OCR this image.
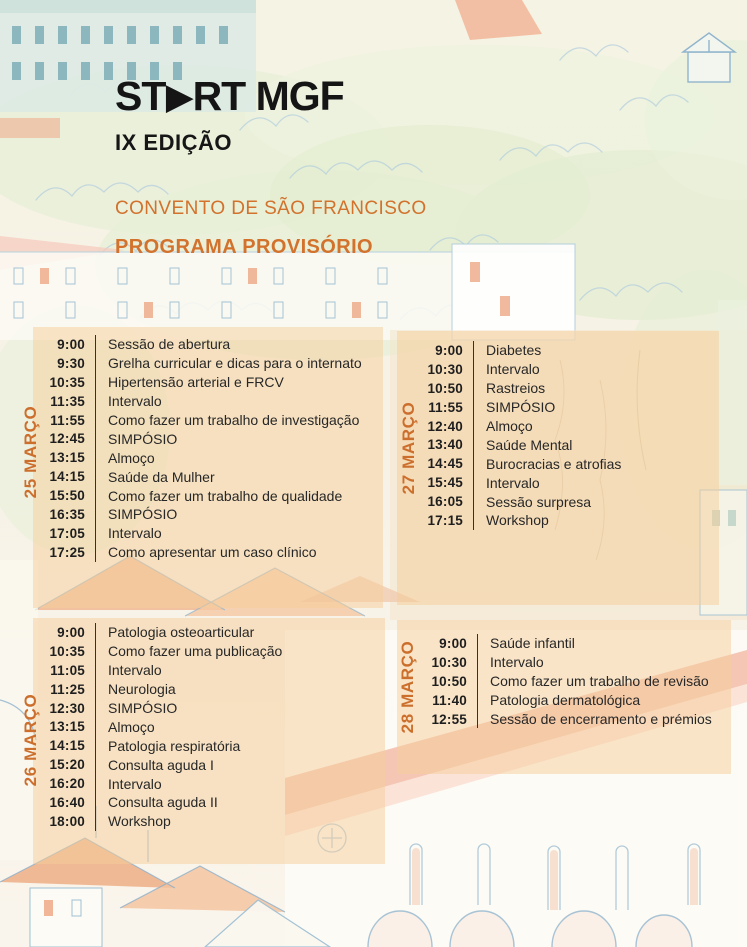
ST▶RT MGF
IX EDIÇÃO
CONVENTO DE SÃO FRANCISCO
PROGRAMA PROVISÓRIO
9:00	Sessão de abertura
9:30	Grelha curricular e dicas para o internato
10:35	Hipertensão arterial e FRCV
11:35	Intervalo
11:55	Como fazer um trabalho de investigação
12:45	SIMPÓSIO
13:15	Almoço
14:15	Saúde da Mulher
15:50	Como fazer um trabalho de qualidade
16:35	SIMPÓSIO
17:05	Intervalo
17:25	Como apresentar um caso clínico
25 MARÇO
9:00	Diabetes
10:30	Intervalo
10:50	Rastreios
11:55	SIMPÓSIO
12:40	Almoço
13:40	Saúde Mental
14:45	Burocracias e atrofias
15:45	Intervalo
16:05	Sessão surpresa
17:15	Workshop
27 MARÇO
9:00	Patologia osteoarticular
10:35	Como fazer uma publicação
11:05	Intervalo
11:25	Neurologia
12:30	SIMPÓSIO
13:15	Almoço
14:15	Patologia respiratória
15:20	Consulta aguda I
16:20	Intervalo
16:40	Consulta aguda II
18:00	Workshop
26 MARÇO
9:00	Saúde infantil
10:30	Intervalo
10:50	Como fazer um trabalho de revisão
11:40	Patologia dermatológica
12:55	Sessão de encerramento e prémios
28 MARÇO
